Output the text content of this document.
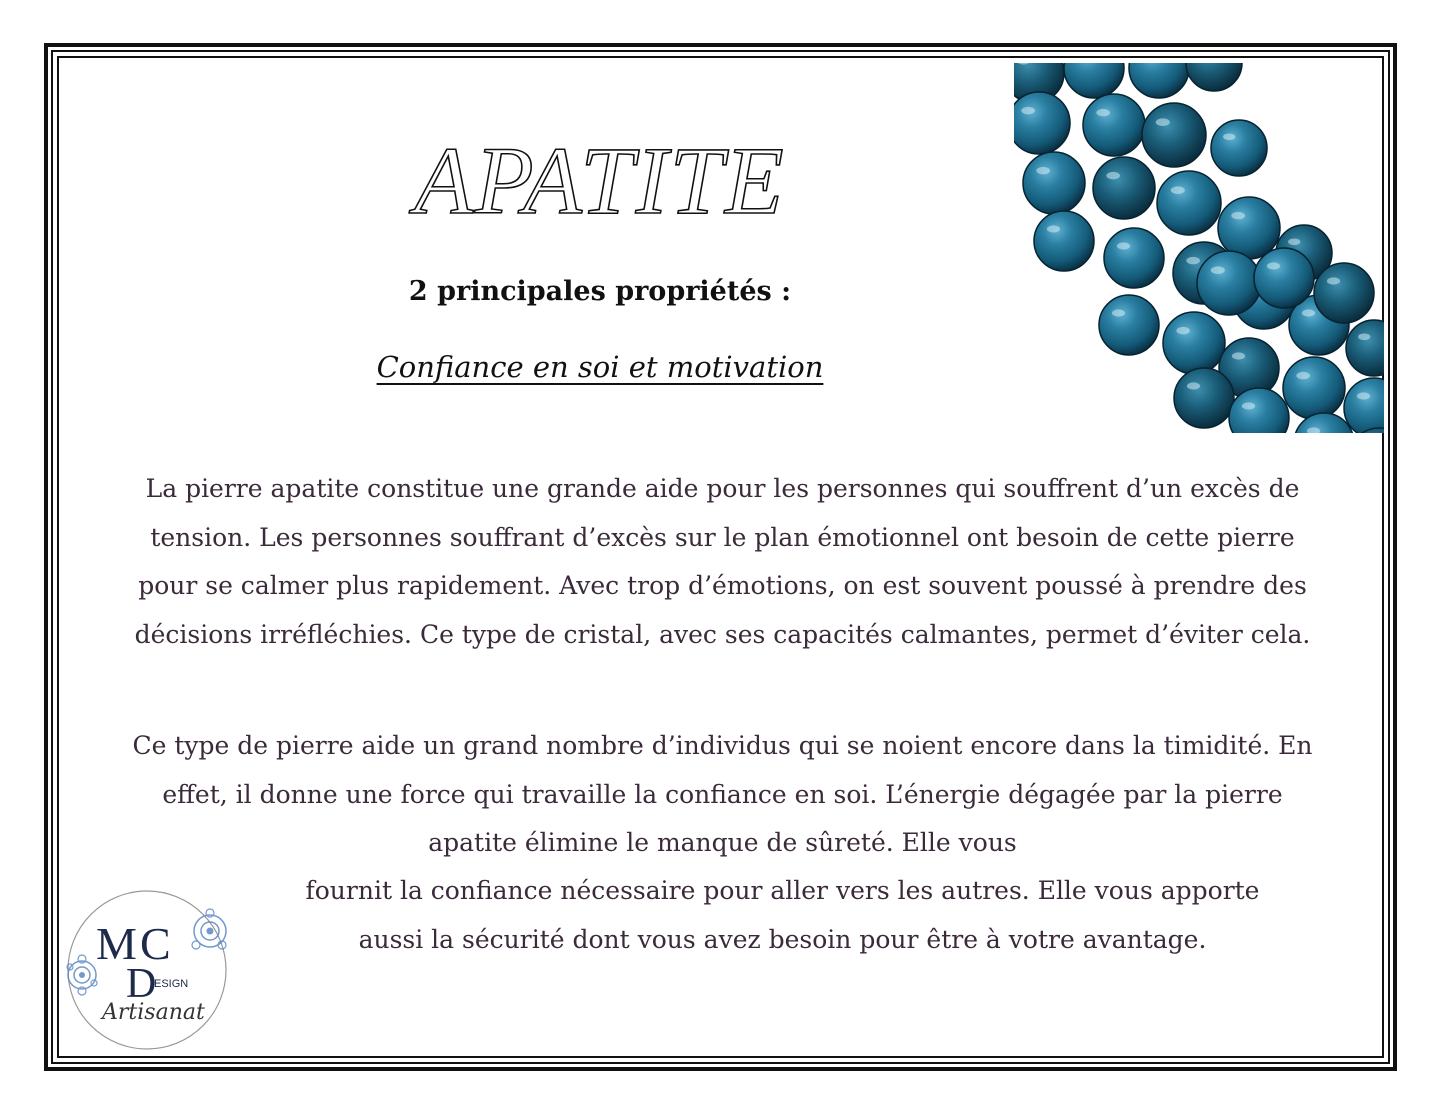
APATITE

2 principales propriétés :

Confiance en soi et motivation

La pierre apatite constitue une grande aide pour les personnes qui souffrent d’un excès de tension. Les personnes souffrant d’excès sur le plan émotionnel ont besoin de cette pierre pour se calmer plus rapidement. Avec trop d’émotions, on est souvent poussé à prendre des décisions irréfléchies. Ce type de cristal, avec ses capacités calmantes, permet d’éviter cela.

Ce type de pierre aide un grand nombre d’individus qui se noient encore dans la timidité. En effet, il donne une force qui travaille la confiance en soi. L’énergie dégagée par la pierre apatite élimine le manque de sûreté. Elle vous

fournit la confiance nécessaire pour aller vers les autres. Elle vous apporte aussi la sécurité dont vous avez besoin pour être à votre avantage.

M C
D
ESIGN
Artisanat
